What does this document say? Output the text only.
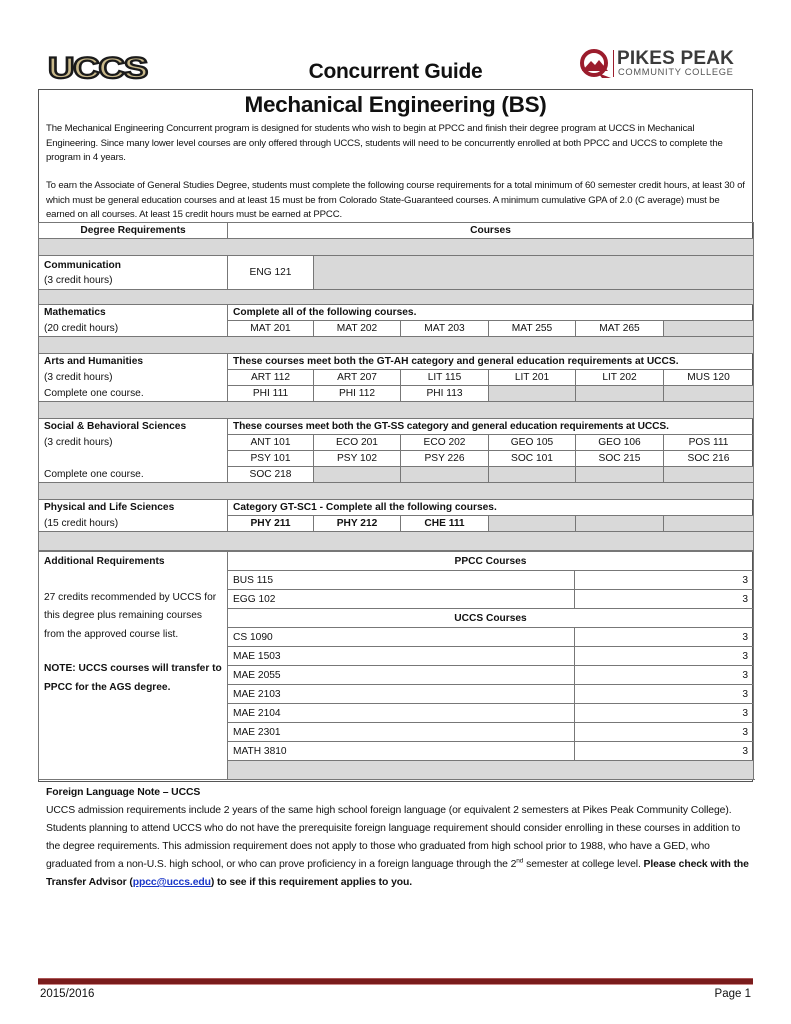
UCCS	PIKES PEAK
COMMUNITY COLLEGE
Concurrent Guide
Mechanical Engineering (BS)
The Mechanical Engineering Concurrent program is designed for students who wish to begin at PPCC and finish their degree program at UCCS in Mechanical Engineering. Since many lower level courses are only offered through UCCS, students will need to be concurrently enrolled at both PPCC and UCCS to complete the program in 4 years.
To earn the Associate of General Studies Degree, students must complete the following course requirements for a total minimum of 60 semester credit hours, at least 30 of which must be general education courses and at least 15 must be from Colorado State-Guaranteed courses. A minimum cumulative GPA of 2.0 (C average) must be earned on all courses. At least 15 credit hours must be earned at PPCC.
Degree Requirements	Courses					

Communication
(3 credit hours)	ENG 121					

Mathematics	Complete all of the following courses.					
(20 credit hours)	MAT 201	MAT 202	MAT 203	MAT 255	MAT 265	

Arts and Humanities	These courses meet both the GT-AH category and general education requirements at UCCS.					
(3 credit hours)	ART 112	ART 207	LIT 115	LIT 201	LIT 202	MUS 120
Complete one course.	PHI 111	PHI 112	PHI 113			

Social & Behavioral Sciences	These courses meet both the GT-SS category and general education requirements at UCCS.					
(3 credit hours)	ANT 101	ECO 201	ECO 202	GEO 105	GEO 106	POS 111
	PSY 101	PSY 102	PSY 226	SOC 101	SOC 215	SOC 216
Complete one course.	SOC 218					

Physical and Life Sciences	Category GT-SC1 - Complete all the following courses.					
(15 credit hours)	PHY 211	PHY 212	CHE 111			

Additional Requirements
27 credits recommended by UCCS for this degree plus remaining courses from the approved course list.
NOTE: UCCS courses will transfer to PPCC for the AGS degree.	PPCC Courses	
	BUS 115	3
	EGG 102	3
	UCCS Courses	
	CS 1090	3
	MAE 1503	3
	MAE 2055	3
	MAE 2103	3
	MAE 2104	3
	MAE 2301	3
	MATH 3810	3

Foreign Language Note – UCCS
UCCS admission requirements include 2 years of the same high school foreign language (or equivalent 2 semesters at Pikes Peak Community College). Students planning to attend UCCS who do not have the prerequisite foreign language requirement should consider enrolling in these courses in addition to the degree requirements. This admission requirement does not apply to those who graduated from high school prior to 1988, who have a GED, who graduated from a non-U.S. high school, or who can prove proficiency in a foreign language through the 2nd semester at college level. Please check with the Transfer Advisor (ppcc@uccs.edu) to see if this requirement applies to you.
2015/2016	Page 1
